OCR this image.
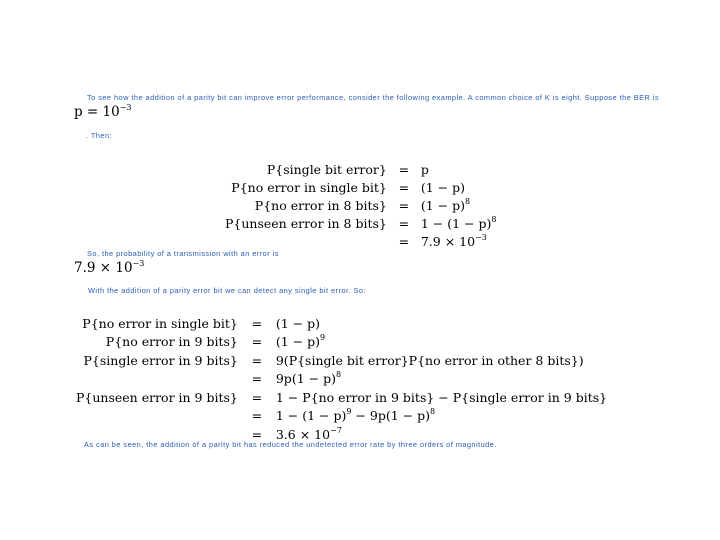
To see how the addition of a parity bit can improve error performance, consider the following example. A common choice of K is eight. Suppose the BER is

$p = 10^{-3}$

. Then:

P{single bit error}	=	p
P{no error in single bit}	=	(1 − p)
P{no error in 8 bits}	=	$(1 - p)^8$
P{unseen error in 8 bits}	=	$1 - (1 - p)^8$
	=	$7.9 \times 10^{-3}$

So, the probability of a transmission with an error is

$7.9 \times 10^{-3}$

With the addition of a parity error bit we can detect any single bit error. So:

P{no error in single bit}	=	(1 − p)
P{no error in 9 bits}	=	$(1 - p)^9$
P{single error in 9 bits}	=	9(P{single bit error}P{no error in other 8 bits})
	=	$9p(1 - p)^8$
P{unseen error in 9 bits}	=	1 − P{no error in 9 bits} − P{single error in 9 bits}
	=	$1 - (1 - p)^9 - 9p(1 - p)^8$
	=	$3.6 \times 10^{-7}$

As can be seen, the addition of a parity bit has reduced the undetected error rate by three orders of magnitude.
